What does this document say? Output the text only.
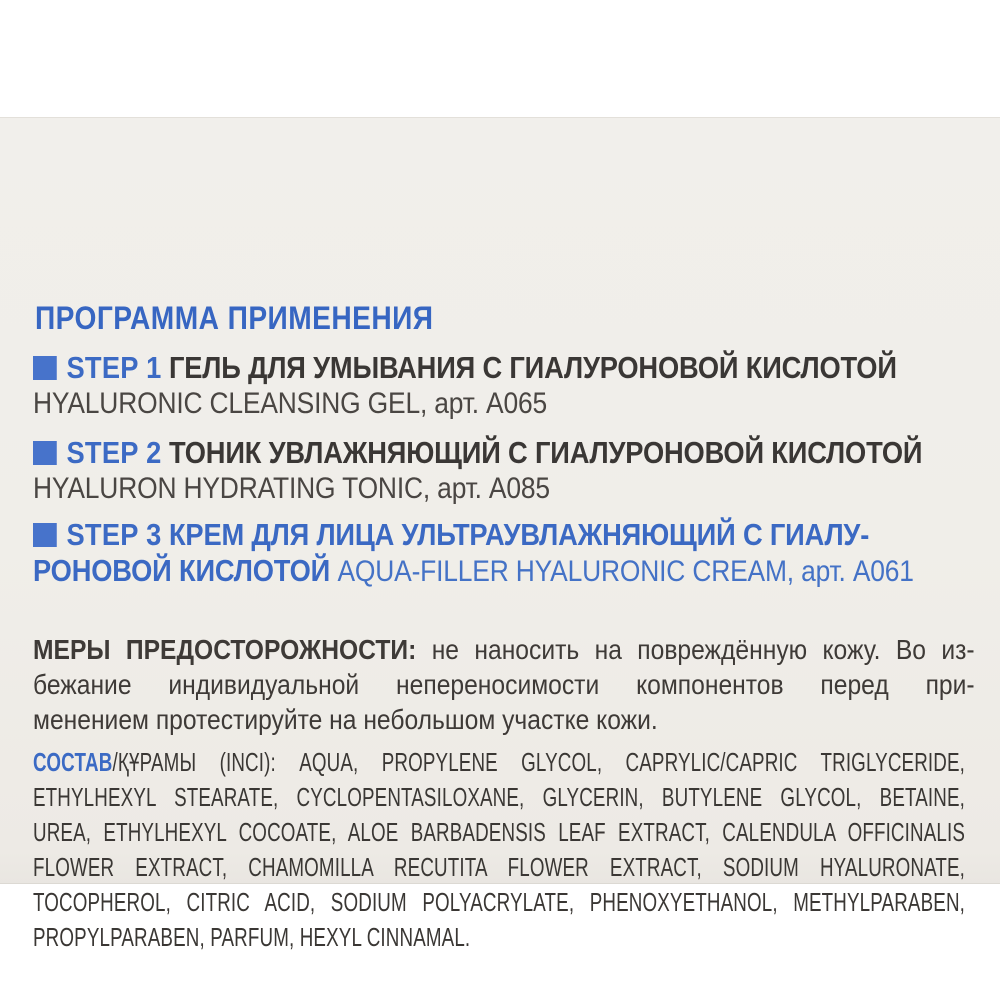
ПРОГРАММА ПРИМЕНЕНИЯ
STEP 1 ГЕЛЬ ДЛЯ УМЫВАНИЯ С ГИАЛУРОНОВОЙ КИСЛОТОЙ
HYALURONIC CLEANSING GEL, арт. А065
STEP 2 ТОНИК УВЛАЖНЯЮЩИЙ С ГИАЛУРОНОВОЙ КИСЛОТОЙ
HYALURON HYDRATING TONIC, арт. А085
STEP 3 КРЕМ ДЛЯ ЛИЦА УЛЬТРАУВЛАЖНЯЮЩИЙ С ГИАЛУ-
РОНОВОЙ КИСЛОТОЙ AQUA-FILLER HYALURONIC CREAM, арт. А061
МЕРЫ ПРЕДОСТОРОЖНОСТИ: не наносить на повреждённую кожу. Во из-
бежание индивидуальной непереносимости компонентов перед при-
менением протестируйте на небольшом участке кожи.
СОСТАВ/ҚҰРАМЫ (INCI): AQUA, PROPYLENE GLYCOL, CAPRYLIC/CAPRIC TRIGLYCERIDE,
ETHYLHEXYL STEARATE, CYCLOPENTASILOXANE, GLYCERIN, BUTYLENE GLYCOL, BETAINE,
UREA, ETHYLHEXYL COCOATE, ALOE BARBADENSIS LEAF EXTRACT, CALENDULA OFFICINALIS
FLOWER EXTRACT, CHAMOMILLA RECUTITA FLOWER EXTRACT, SODIUM HYALURONATE,
TOCOPHEROL, CITRIC ACID, SODIUM POLYACRYLATE, PHENOXYETHANOL, METHYLPARABEN,
PROPYLPARABEN, PARFUM, HEXYL CINNAMAL.
